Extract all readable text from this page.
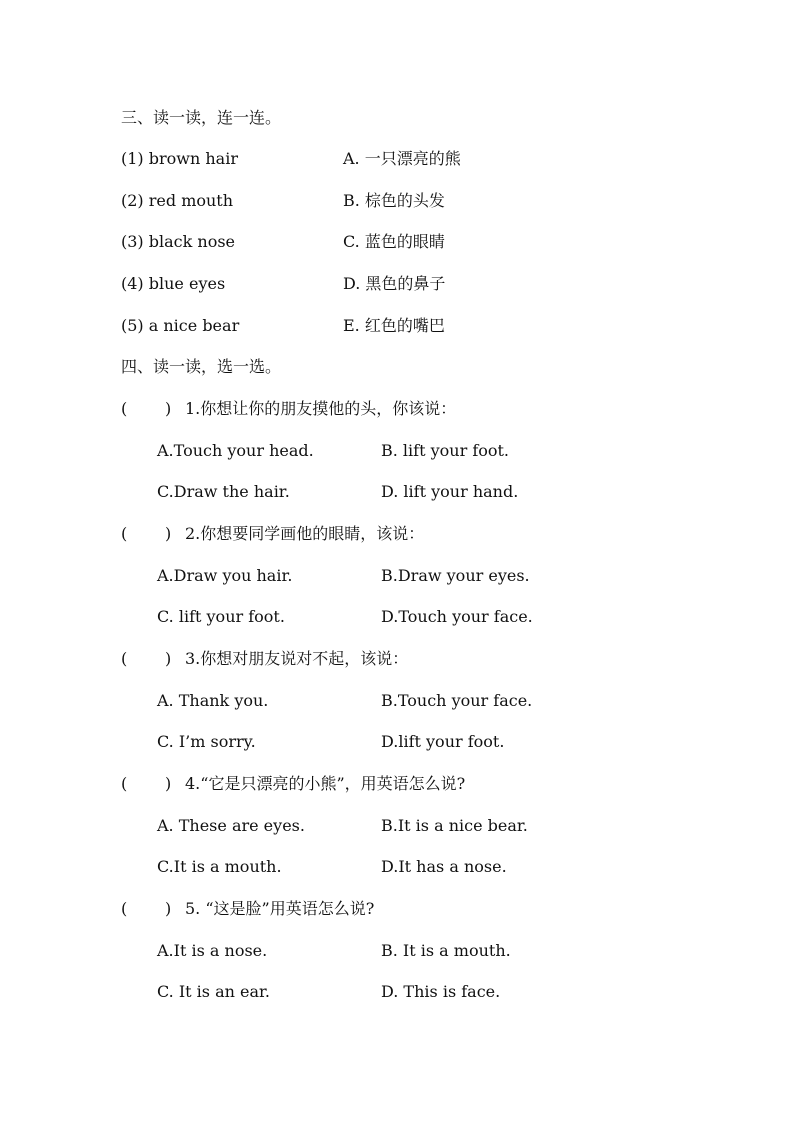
三、读一读，连一连。
(1) brown hair	A. 一只漂亮的熊
(2) red mouth	B. 棕色的头发
(3) black nose	C. 蓝色的眼睛
(4) blue eyes	D. 黑色的鼻子
(5) a nice bear	E. 红色的嘴巴
四、读一读，选一选。
( ) 1.你想让你的朋友摸他的头，你该说：
A.Touch your head.	B. lift your foot.
C.Draw the hair.	D. lift your hand.
( ) 2.你想要同学画他的眼睛，该说：
A.Draw you hair.	B.Draw your eyes.
C. lift your foot.	D.Touch your face.
( ) 3.你想对朋友说对不起，该说：
A. Thank you.	B.Touch your face.
C. I’m sorry.	D.lift your foot.
( ) 4.“它是只漂亮的小熊”，用英语怎么说?
A. These are eyes.	B.It is a nice bear.
C.It is a mouth.	D.It has a nose.
( ) 5. “这是脸”用英语怎么说?
A.It is a nose.	B. It is a mouth.
C. It is an ear.	D. This is face.
